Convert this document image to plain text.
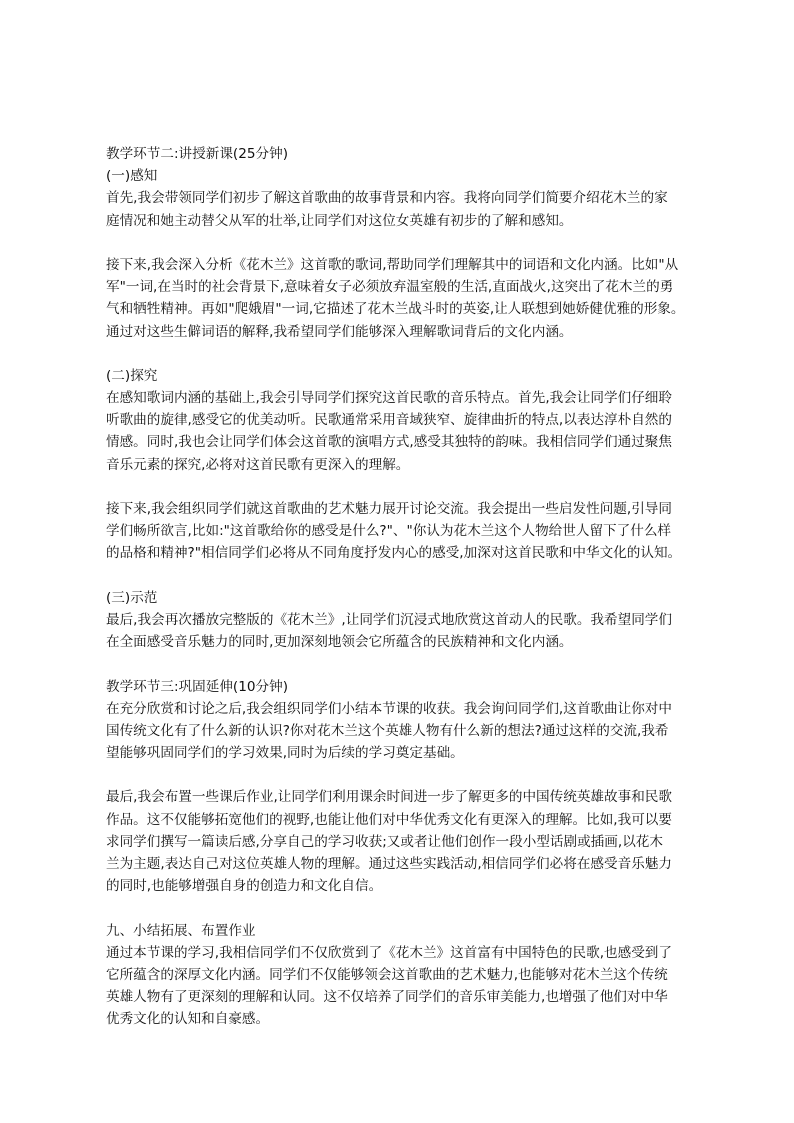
教学环节二:讲授新课(25分钟)
(一)感知
首先,我会带领同学们初步了解这首歌曲的故事背景和内容。我将向同学们简要介绍花木兰的家
庭情况和她主动替父从军的壮举,让同学们对这位女英雄有初步的了解和感知。
接下来,我会深入分析《花木兰》这首歌的歌词,帮助同学们理解其中的词语和文化内涵。比如"从
军"一词,在当时的社会背景下,意味着女子必须放弃温室般的生活,直面战火,这突出了花木兰的勇
气和牺牲精神。再如"爬娥眉"一词,它描述了花木兰战斗时的英姿,让人联想到她娇健优雅的形象。
通过对这些生僻词语的解释,我希望同学们能够深入理解歌词背后的文化内涵。
(二)探究
在感知歌词内涵的基础上,我会引导同学们探究这首民歌的音乐特点。首先,我会让同学们仔细聆
听歌曲的旋律,感受它的优美动听。民歌通常采用音域狭窄、旋律曲折的特点,以表达淳朴自然的
情感。同时,我也会让同学们体会这首歌的演唱方式,感受其独特的韵味。我相信同学们通过聚焦
音乐元素的探究,必将对这首民歌有更深入的理解。
接下来,我会组织同学们就这首歌曲的艺术魅力展开讨论交流。我会提出一些启发性问题,引导同
学们畅所欲言,比如:"这首歌给你的感受是什么?"、"你认为花木兰这个人物给世人留下了什么样
的品格和精神?"相信同学们必将从不同角度抒发内心的感受,加深对这首民歌和中华文化的认知。
(三)示范
最后,我会再次播放完整版的《花木兰》,让同学们沉浸式地欣赏这首动人的民歌。我希望同学们
在全面感受音乐魅力的同时,更加深刻地领会它所蕴含的民族精神和文化内涵。
教学环节三:巩固延伸(10分钟)
在充分欣赏和讨论之后,我会组织同学们小结本节课的收获。我会询问同学们,这首歌曲让你对中
国传统文化有了什么新的认识?你对花木兰这个英雄人物有什么新的想法?通过这样的交流,我希
望能够巩固同学们的学习效果,同时为后续的学习奠定基础。
最后,我会布置一些课后作业,让同学们利用课余时间进一步了解更多的中国传统英雄故事和民歌
作品。这不仅能够拓宽他们的视野,也能让他们对中华优秀文化有更深入的理解。比如,我可以要
求同学们撰写一篇读后感,分享自己的学习收获;又或者让他们创作一段小型话剧或插画,以花木
兰为主题,表达自己对这位英雄人物的理解。通过这些实践活动,相信同学们必将在感受音乐魅力
的同时,也能够增强自身的创造力和文化自信。
九、小结拓展、布置作业
通过本节课的学习,我相信同学们不仅欣赏到了《花木兰》这首富有中国特色的民歌,也感受到了
它所蕴含的深厚文化内涵。同学们不仅能够领会这首歌曲的艺术魅力,也能够对花木兰这个传统
英雄人物有了更深刻的理解和认同。这不仅培养了同学们的音乐审美能力,也增强了他们对中华
优秀文化的认知和自豪感。
